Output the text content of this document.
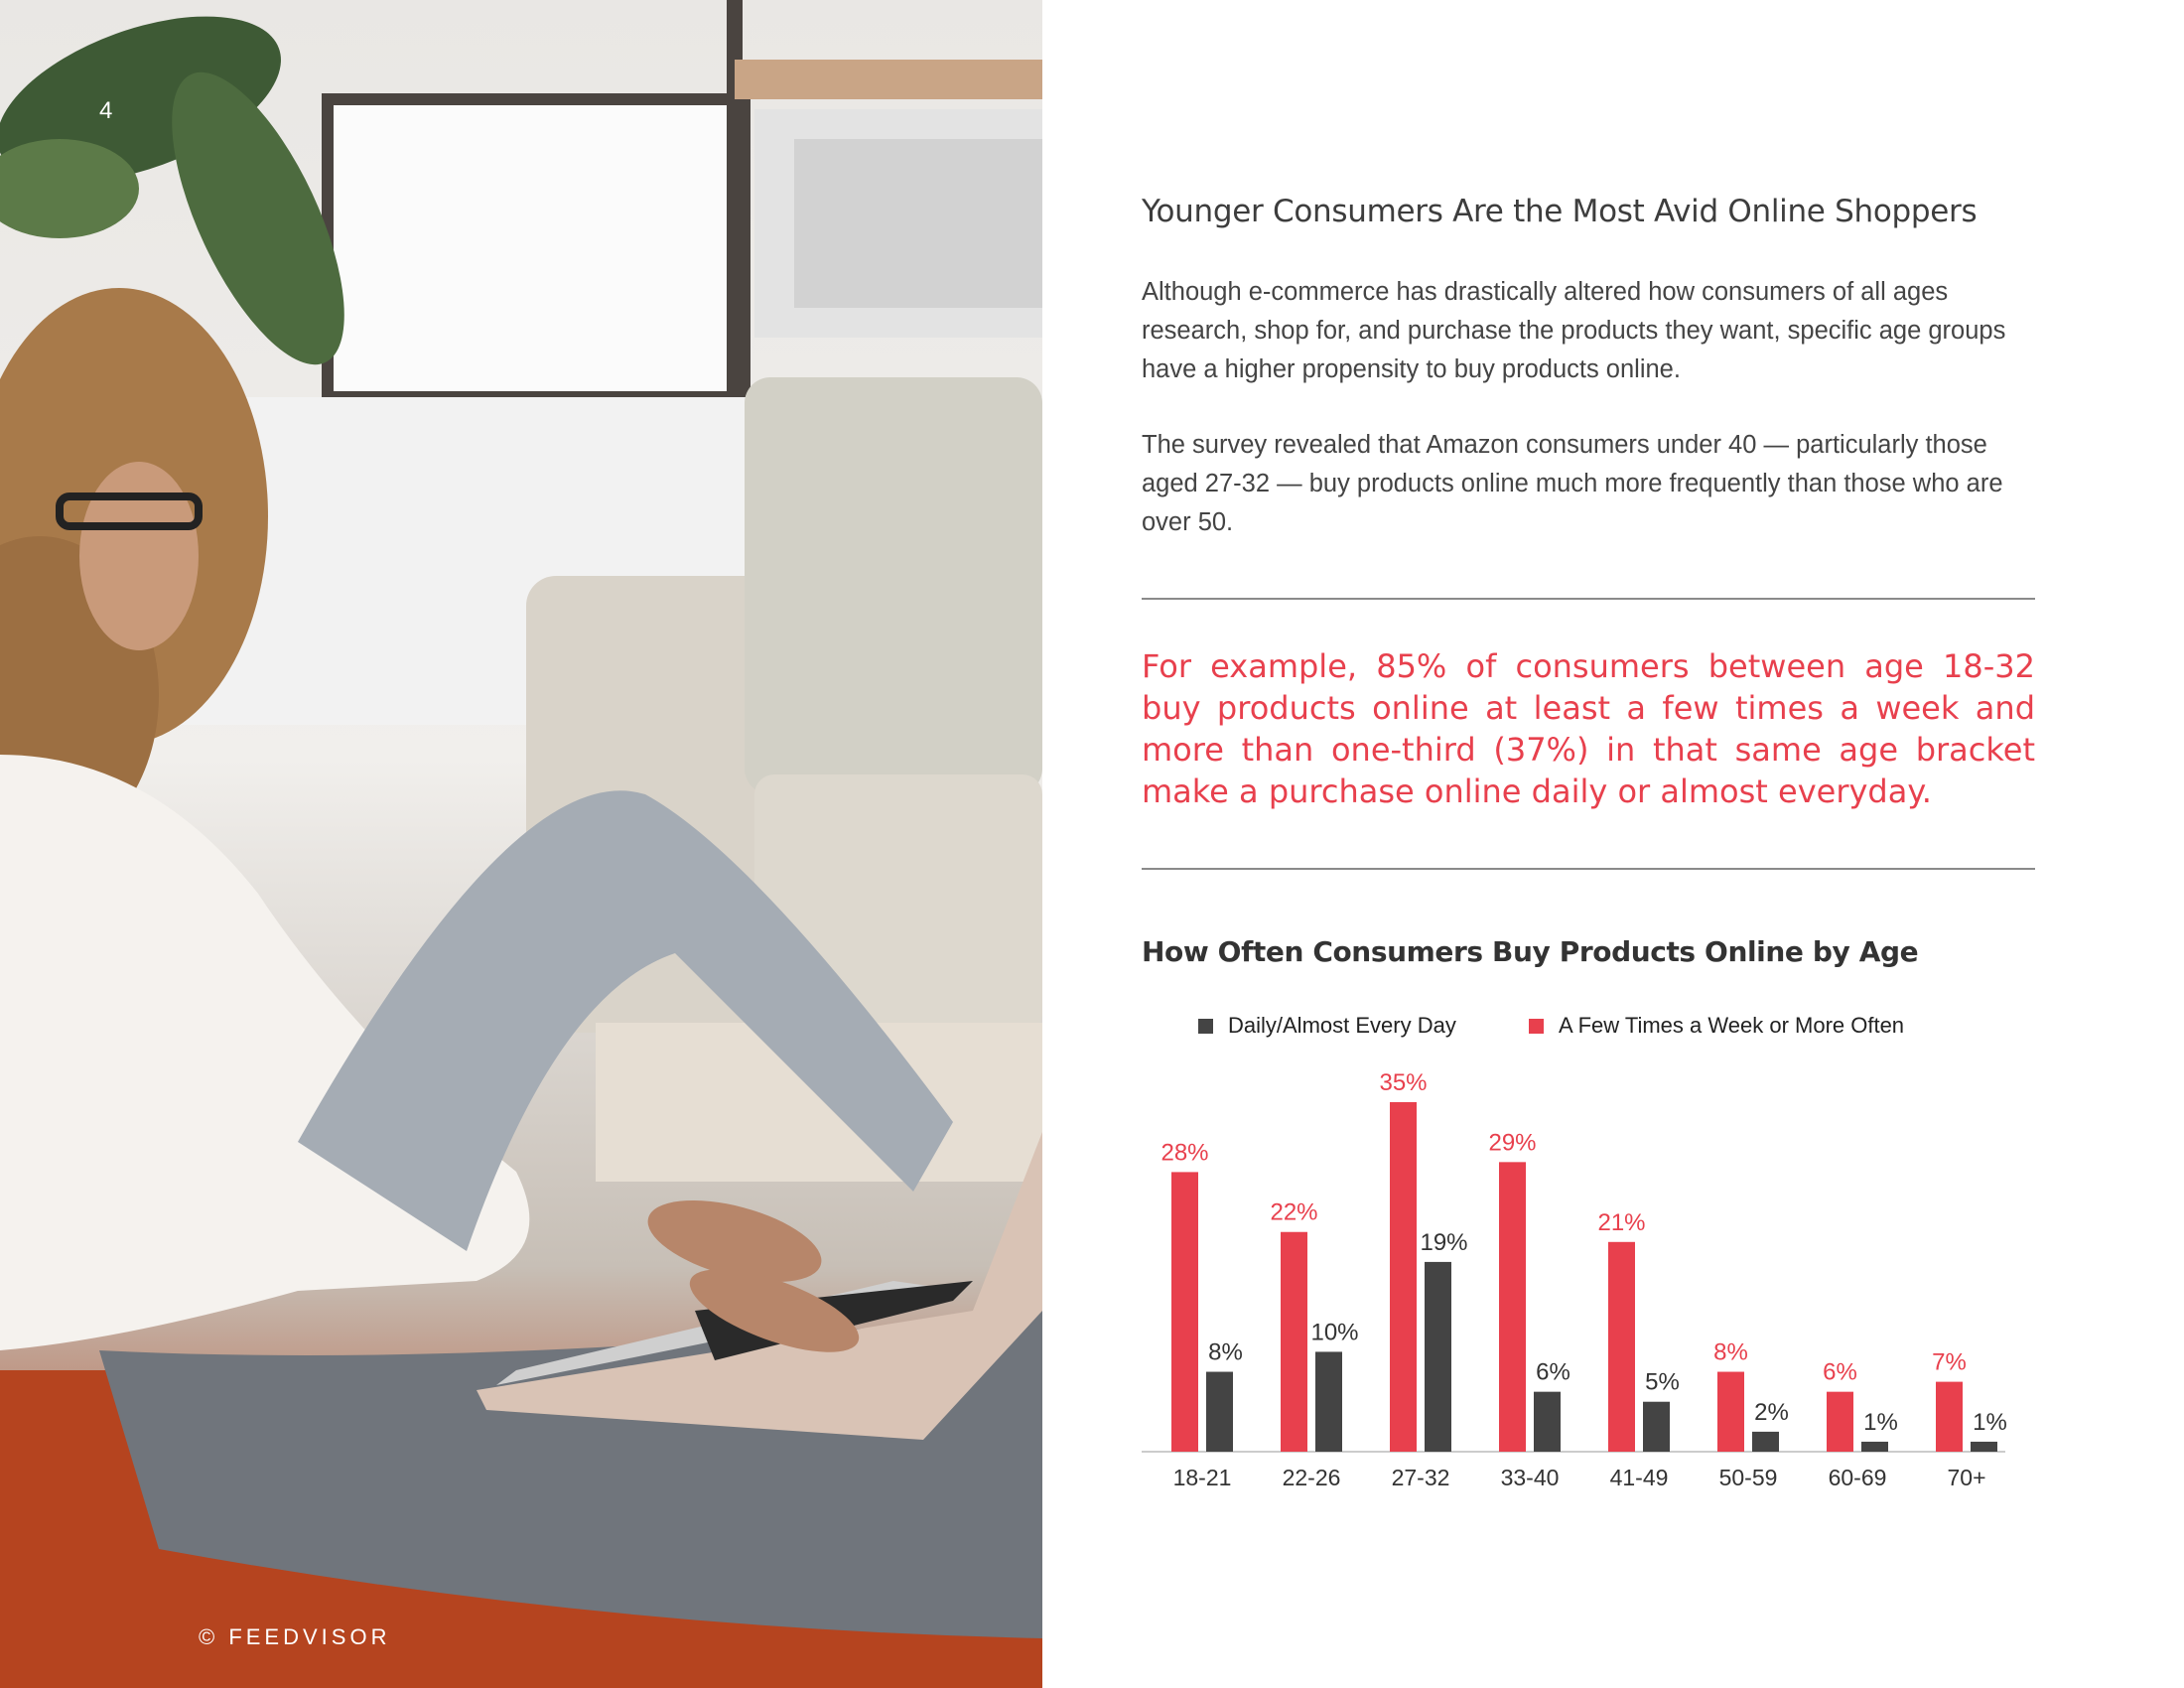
4
© FEEDVISOR
Younger Consumers Are the Most Avid Online Shoppers

Although e-commerce has drastically altered how consumers of all ages research, shop for, and purchase the products they want, specific age groups have a higher propensity to buy products online.

The survey revealed that Amazon consumers under 40 — particularly those aged 27-32 — buy products online much more frequently than those who are over 50.

For example, 85% of consumers between age 18-32 buy products online at least a few times a week and more than one-third (37%) in that same age bracket make a purchase online daily or almost everyday.

How Often Consumers Buy Products Online by Age
Daily/Almost Every Day	A Few Times a Week or More Often
28%
8%
18-21
22%
10%
22-26
35%
19%
27-32
29%
6%
33-40
21%
5%
41-49
8%
2%
50-59
6%
1%
60-69
7%
1%
70+
